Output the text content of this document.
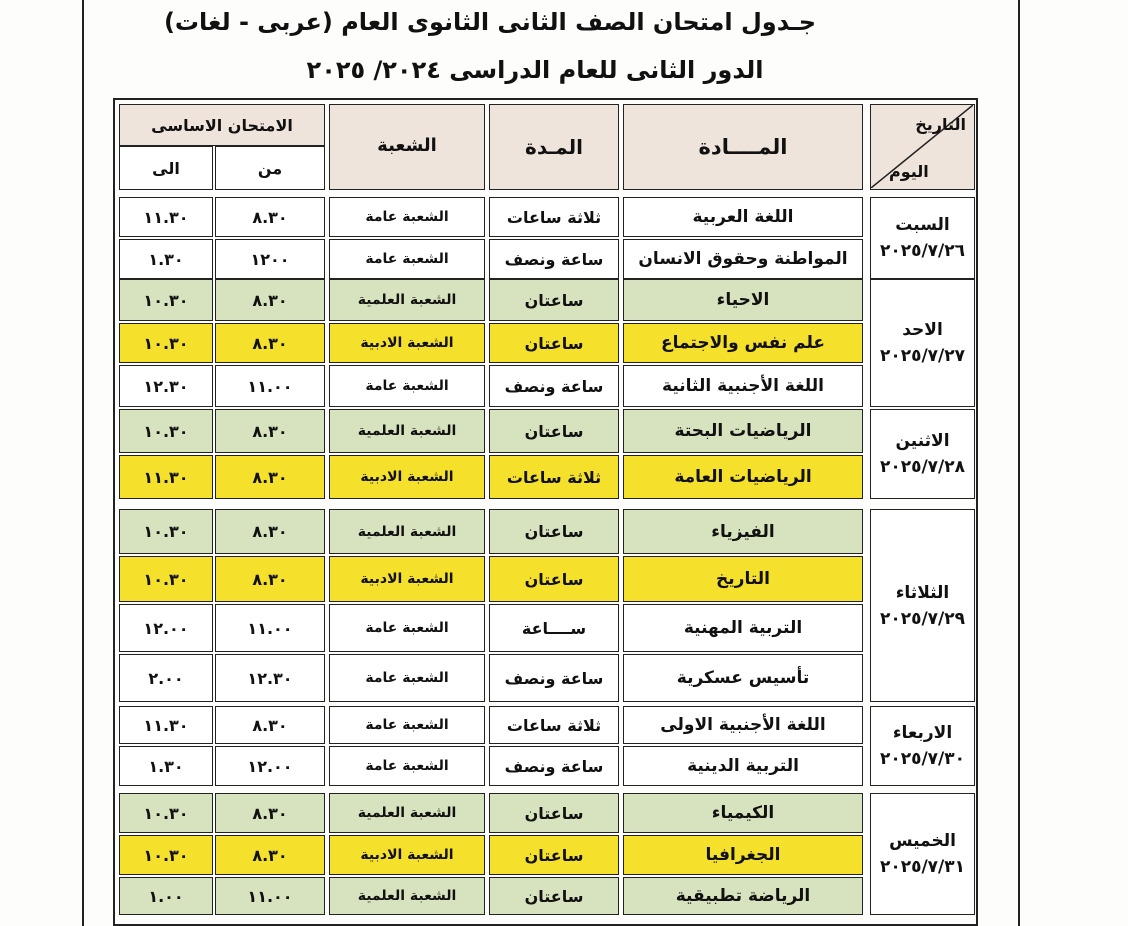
جـدول امتحان الصف الثانى الثانوى العام (عربى - لغات)
الدور الثانى للعام الدراسى ٢٠٢٤/ ٢٠٢٥
التاريخ
اليوم
المــــادة
المـدة
الشعبة
الامتحان الاساسى
من
الى
السبت
٢٠٢٥/٧/٢٦
اللغة العربية
ثلاثة ساعات
الشعبة عامة
٨.٣٠
١١.٣٠
المواطنة وحقوق الانسان
ساعة ونصف
الشعبة عامة
١٢٠٠
١.٣٠
الاحد
٢٠٢٥/٧/٢٧
الاحياء
ساعتان
الشعبة العلمية
٨.٣٠
١٠.٣٠
علم نفس والاجتماع
ساعتان
الشعبة الادبية
٨.٣٠
١٠.٣٠
اللغة الأجنبية الثانية
ساعة ونصف
الشعبة عامة
١١.٠٠
١٢.٣٠
الاثنين
٢٠٢٥/٧/٢٨
الرياضيات البحتة
ساعتان
الشعبة العلمية
٨.٣٠
١٠.٣٠
الرياضيات العامة
ثلاثة ساعات
الشعبة الادبية
٨.٣٠
١١.٣٠
الثلاثاء
٢٠٢٥/٧/٢٩
الفيزياء
ساعتان
الشعبة العلمية
٨.٣٠
١٠.٣٠
التاريخ
ساعتان
الشعبة الادبية
٨.٣٠
١٠.٣٠
التربية المهنية
ســــاعة
الشعبة عامة
١١.٠٠
١٢.٠٠
تأسيس عسكرية
ساعة ونصف
الشعبة عامة
١٢.٣٠
٢.٠٠
الاربعاء
٢٠٢٥/٧/٣٠
اللغة الأجنبية الاولى
ثلاثة ساعات
الشعبة عامة
٨.٣٠
١١.٣٠
التربية الدينية
ساعة ونصف
الشعبة عامة
١٢.٠٠
١.٣٠
الخميس
٢٠٢٥/٧/٣١
الكيمياء
ساعتان
الشعبة العلمية
٨.٣٠
١٠.٣٠
الجغرافيا
ساعتان
الشعبة الادبية
٨.٣٠
١٠.٣٠
الرياضة تطبيقية
ساعتان
الشعبة العلمية
١١.٠٠
١.٠٠
